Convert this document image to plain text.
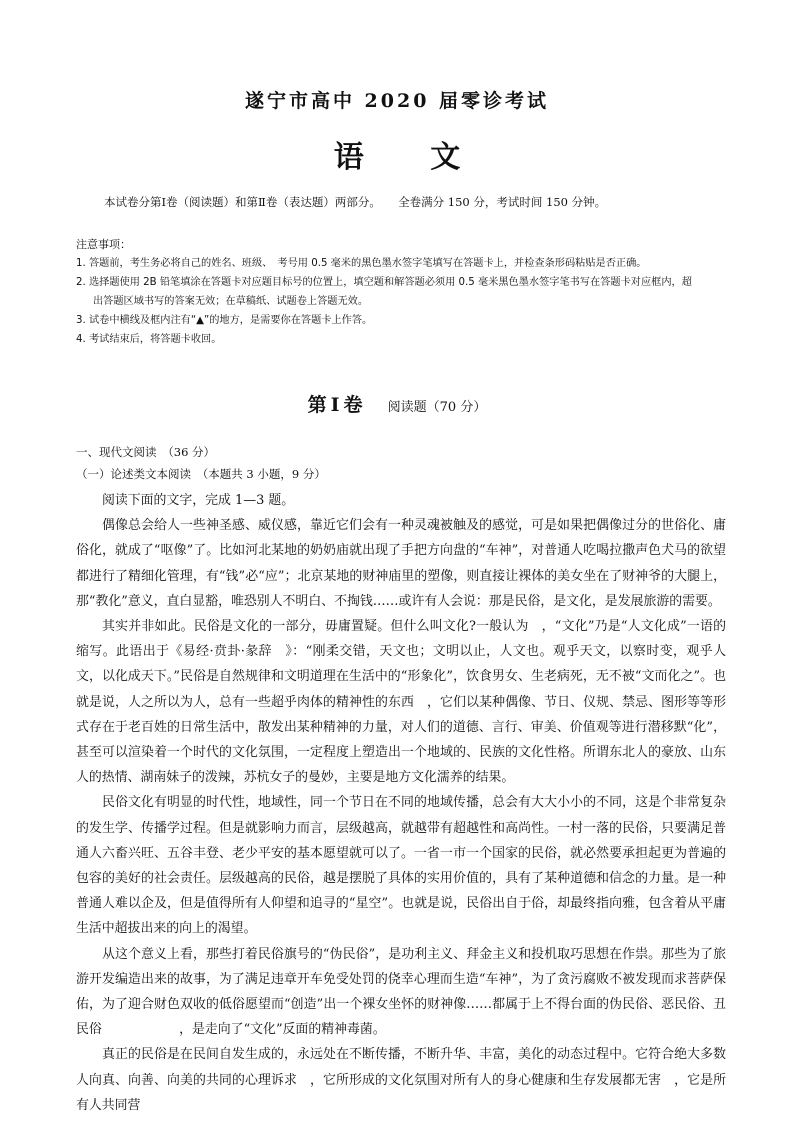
遂宁市高中 2020 届零诊考试
语 文
本试卷分第Ⅰ卷（阅读题）和第Ⅱ卷（表达题）两部分。　　全卷满分 150 分，考试时间 150 分钟。
注意事项：
1. 答题前，考生务必将自己的姓名、班级、　考号用 0.5 毫米的黑色墨水签字笔填写在答题卡上，并检查条形码粘贴是否正确。
2. 选择题使用 2B 铅笔填涂在答题卡对应题目标号的位置上，填空题和解答题必须用 0.5 毫米黑色墨水签字笔书写在答题卡对应框内，超
出答题区域书写的答案无效；在草稿纸、试题卷上答题无效。
3. 试卷中横线及框内注有“▲”的地方，是需要你在答题卡上作答。
4. 考试结束后，将答题卡收回。
第Ⅰ卷 阅读题（70 分）
一、现代文阅读　（36 分）
（一）论述类文本阅读　（本题共 3 小题，9 分）

阅读下面的文字，完成 1—3 题。

偶像总会给人一些神圣感、威仪感，靠近它们会有一种灵魂被触及的感觉，可是如果把偶像过分的世俗化、庸俗化，就成了“呕像”了。比如河北某地的奶奶庙就出现了手把方向盘的“车神”，对普通人吃喝拉撒声色犬马的欲望都进行了精细化管理，有“钱”必“应”；北京某地的财神庙里的塑像，则直接让裸体的美女坐在了财神爷的大腿上，那“教化”意义，直白显豁，唯恐别人不明白、不掏钱……或许有人会说：那是民俗，是文化，是发展旅游的需要。

其实并非如此。民俗是文化的一部分，毋庸置疑。但什么叫文化?一般认为　，“文化”乃是“人文化成”一语的缩写。此语出于《易经·贲卦·彖辞　》：“刚柔交错，天文也；文明以止，人文也。观乎天文，以察时变，观乎人文，以化成天下。”民俗是自然规律和文明道理在生活中的“形象化”，饮食男女、生老病死，无不被“文而化之”。也就是说，人之所以为人，总有一些超乎肉体的精神性的东西　，它们以某种偶像、节日、仪规、禁忌、图形等等形式存在于老百姓的日常生活中，散发出某种精神的力量，对人们的道德、言行、审美、价值观等进行潜移默“化”，甚至可以渲染着一个时代的文化氛围，一定程度上塑造出一个地域的、民族的文化性格。所谓东北人的豪放、山东人的热情、湖南妹子的泼辣，苏杭女子的曼妙，主要是地方文化濡养的结果。

民俗文化有明显的时代性，地域性，同一个节日在不同的地域传播，总会有大大小小的不同，这是个非常复杂的发生学、传播学过程。但是就影响力而言，层级越高，就越带有超越性和高尚性。一村一落的民俗，只要满足普通人六畜兴旺、五谷丰登、老少平安的基本愿望就可以了。一省一市一个国家的民俗，就必然要承担起更为普遍的包容的美好的社会责任。层级越高的民俗，越是摆脱了具体的实用价值的，具有了某种道德和信念的力量。是一种普通人难以企及，但是值得所有人仰望和追寻的“星空”。也就是说，民俗出自于俗，却最终指向雅，包含着从平庸生活中超拔出来的向上的渴望。

从这个意义上看，那些打着民俗旗号的“伪民俗”，是功利主义、拜金主义和投机取巧思想在作祟。那些为了旅游开发编造出来的故事，为了满足违章开车免受处罚的侥幸心理而生造“车神”，为了贪污腐败不被发现而求菩萨保佑，为了迎合财色双收的低俗愿望而“创造”出一个裸女坐怀的财神像……都属于上不得台面的伪民俗、恶民俗、丑民俗　　　　　　，是走向了“文化”反面的精神毒菌。

真正的民俗是在民间自发生成的，永远处在不断传播，不断升华、丰富，美化的动态过程中。它符合绝大多数人向真、向善、向美的共同的心理诉求　，它所形成的文化氛围对所有人的身心健康和生存发展都无害　，它是所有人共同营
